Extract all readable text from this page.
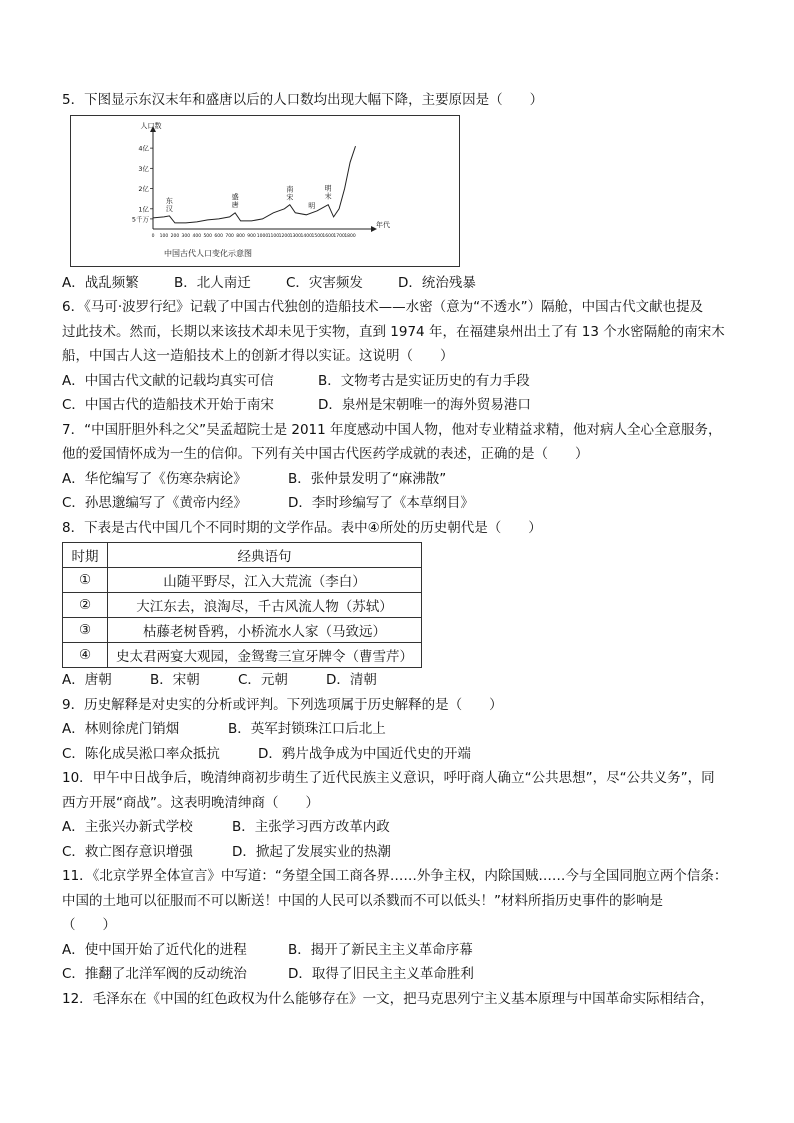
5．下图显示东汉末年和盛唐以后的人口数均出现大幅下降，主要原因是（　　）
人口数
年代
4亿
3亿
2亿
1亿
5千万
0 100 200 300 400 500 600 700 800 900 1000 1100 1200 1300 1400 1500 1600 1700 1800
东汉
盛唐
南宋
明
明末
中国古代人口变化示意图
A．战乱频繁	B．北人南迁	C．灾害频发	D．统治残暴
6．《马可·波罗行纪》记载了中国古代独创的造船技术——水密（意为“不透水”）隔舱，中国古代文献也提及
过此技术。然而，长期以来该技术却未见于实物，直到 1974 年，在福建泉州出土了有 13 个水密隔舱的南宋木
船，中国古人这一造船技术上的创新才得以实证。这说明（　　）
A．中国古代文献的记载均真实可信	B．文物考古是实证历史的有力手段
C．中国古代的造船技术开始于南宋	D．泉州是宋朝唯一的海外贸易港口
7．“中国肝胆外科之父”吴孟超院士是 2011 年度感动中国人物，他对专业精益求精，他对病人全心全意服务，
他的爱国情怀成为一生的信仰。下列有关中国古代医药学成就的表述，正确的是（　　）
A．华佗编写了《伤寒杂病论》	B．张仲景发明了“麻沸散”
C．孙思邈编写了《黄帝内经》	D．李时珍编写了《本草纲目》
8．下表是古代中国几个不同时期的文学作品。表中④所处的历史朝代是（　　）
时期	经典语句
①	山随平野尽，江入大荒流（李白）
②	大江东去，浪淘尽，千古风流人物（苏轼）
③	枯藤老树昏鸦，小桥流水人家（马致远）
④	史太君两宴大观园，金鸳鸯三宣牙牌令（曹雪芹）
A．唐朝	B．宋朝	C．元朝	D．清朝
9．历史解释是对史实的分析或评判。下列选项属于历史解释的是（　　）
A．林则徐虎门销烟	B．英军封锁珠江口后北上
C．陈化成吴淞口率众抵抗	D．鸦片战争成为中国近代史的开端
10．甲午中日战争后，晚清绅商初步萌生了近代民族主义意识，呼吁商人确立“公共思想”，尽“公共义务”，同
西方开展“商战”。这表明晚清绅商（　　）
A．主张兴办新式学校	B．主张学习西方改革内政
C．救亡图存意识增强	D．掀起了发展实业的热潮
11．《北京学界全体宣言》中写道：“务望全国工商各界……外争主权，内除国贼……今与全国同胞立两个信条：
中国的土地可以征服而不可以断送！中国的人民可以杀戮而不可以低头！”材料所指历史事件的影响是
（　　）
A．使中国开始了近代化的进程	B．揭开了新民主主义革命序幕
C．推翻了北洋军阀的反动统治	D．取得了旧民主主义革命胜利
12．毛泽东在《中国的红色政权为什么能够存在》一文，把马克思列宁主义基本原理与中国革命实际相结合，
